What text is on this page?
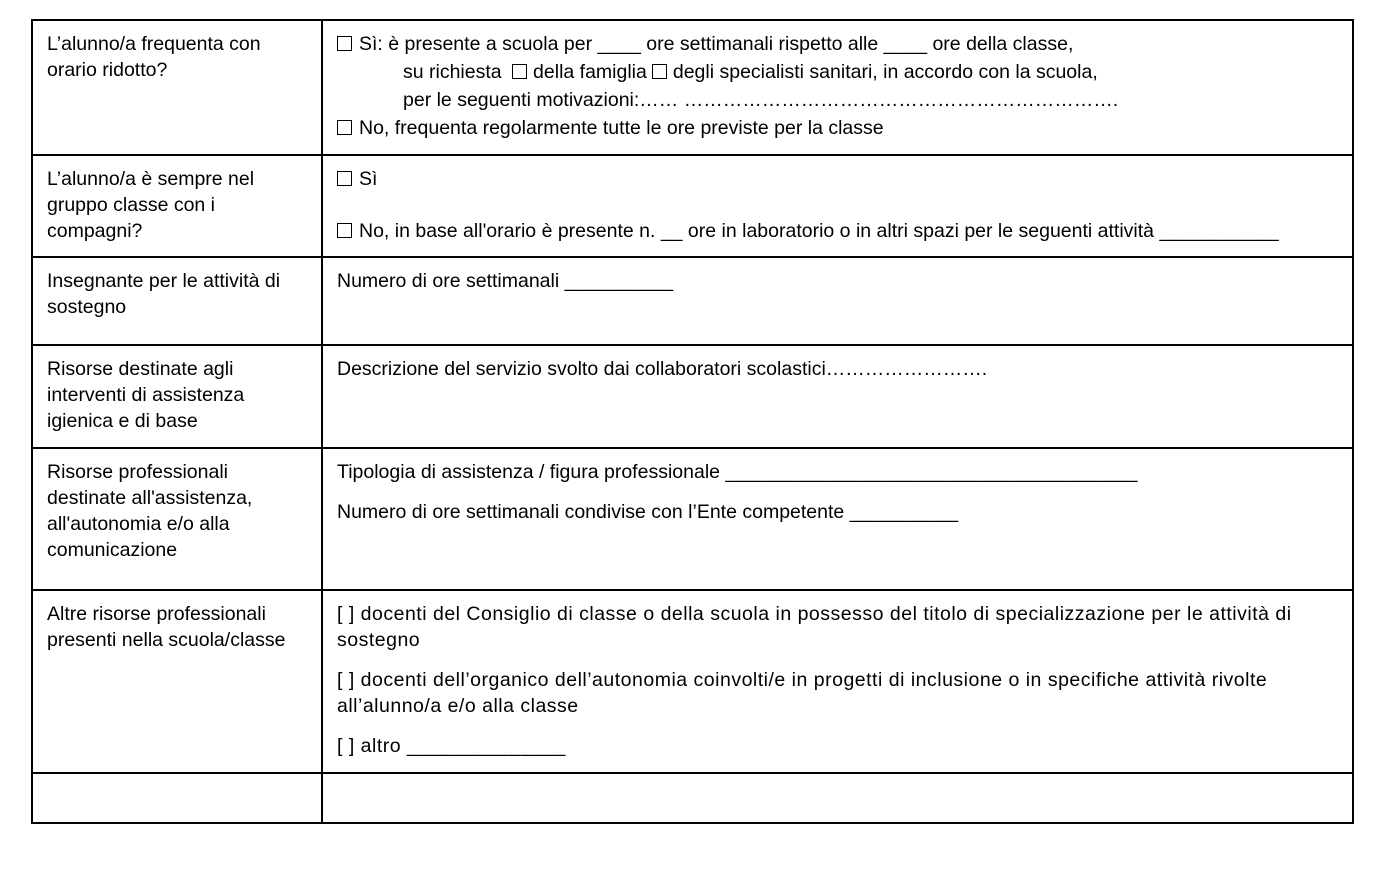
L’alunno/a frequenta con orario ridotto?	Sì: è presente a scuola per ____ ore settimanali rispetto alle ____ ore della classe,
su richiesta della famiglia degli specialisti sanitari, in accordo con la scuola,
per le seguenti motivazioni:…… ………………………………………………………….
No, frequenta regolarmente tutte le ore previste per la classe

L’alunno/a è sempre nel gruppo classe con i compagni?	Sì
No, in base all'orario è presente n. __ ore in laboratorio o in altri spazi per le seguenti attività ___________

Insegnante per le attività di sostegno	Numero di ore settimanali __________

Risorse destinate agli interventi di assistenza igienica e di base	Descrizione del servizio svolto dai collaboratori scolastici…………………….

Risorse professionali destinate all'assistenza, all'autonomia e/o alla comunicazione	Tipologia di assistenza / figura professionale ______________________________________
Numero di ore settimanali condivise con l’Ente competente __________

Altre risorse professionali presenti nella scuola/classe	[ ] docenti del Consiglio di classe o della scuola in possesso del titolo di specializzazione per le attività di sostegno
[ ] docenti dell’organico dell’autonomia coinvolti/e in progetti di inclusione o in specifiche attività rivolte all’alunno/a e/o alla classe
[ ] altro ______________
